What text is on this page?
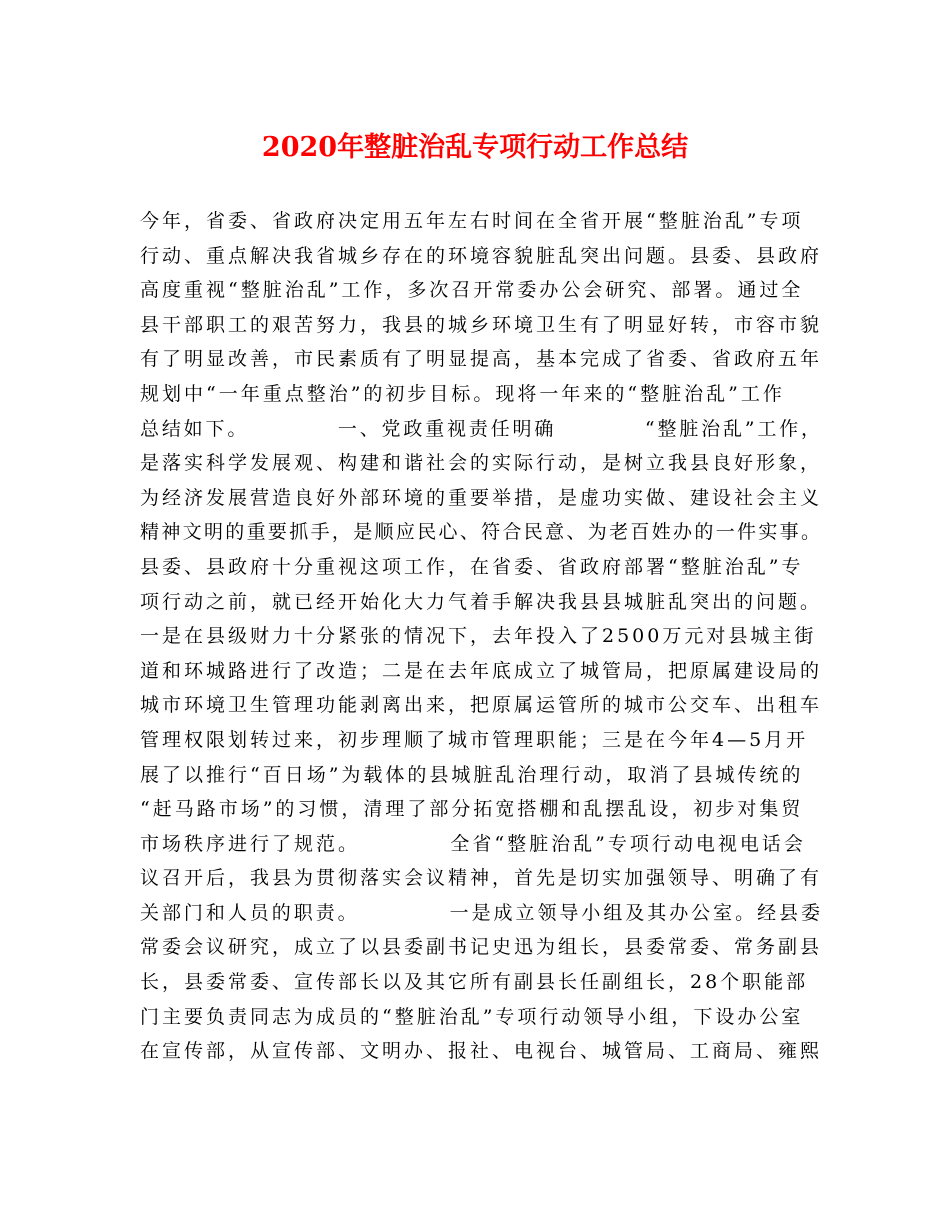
2020年整脏治乱专项行动工作总结
今年，省委、省政府决定用五年左右时间在全省开展“整脏治乱”专项
行动、重点解决我省城乡存在的环境容貌脏乱突出问题。县委、县政府
高度重视“整脏治乱”工作，多次召开常委办公会研究、部署。通过全
县干部职工的艰苦努力，我县的城乡环境卫生有了明显好转，市容市貌
有了明显改善，市民素质有了明显提高，基本完成了省委、省政府五年
规划中“一年重点整治”的初步目标。现将一年来的“整脏治乱”工作
总结如下。          一、党政重视责任明确          “整脏治乱”工作，
是落实科学发展观、构建和谐社会的实际行动，是树立我县良好形象，
为经济发展营造良好外部环境的重要举措，是虚功实做、建设社会主义
精神文明的重要抓手，是顺应民心、符合民意、为老百姓办的一件实事。
县委、县政府十分重视这项工作，在省委、省政府部署“整脏治乱”专
项行动之前，就已经开始化大力气着手解决我县县城脏乱突出的问题。
一是在县级财力十分紧张的情况下，去年投入了2500万元对县城主街
道和环城路进行了改造；二是在去年底成立了城管局，把原属建设局的
城市环境卫生管理功能剥离出来，把原属运管所的城市公交车、出租车
管理权限划转过来，初步理顺了城市管理职能；三是在今年4—5月开
展了以推行“百日场”为载体的县城脏乱治理行动，取消了县城传统的
“赶马路市场”的习惯，清理了部分拓宽搭棚和乱摆乱设，初步对集贸
市场秩序进行了规范。          全省“整脏治乱”专项行动电视电话会
议召开后，我县为贯彻落实会议精神，首先是切实加强领导、明确了有
关部门和人员的职责。          一是成立领导小组及其办公室。经县委
常委会议研究，成立了以县委副书记史迅为组长，县委常委、常务副县
长，县委常委、宣传部长以及其它所有副县长任副组长，28个职能部
门主要负责同志为成员的“整脏治乱”专项行动领导小组，下设办公室
在宣传部，从宣传部、文明办、报社、电视台、城管局、工商局、雍熙
